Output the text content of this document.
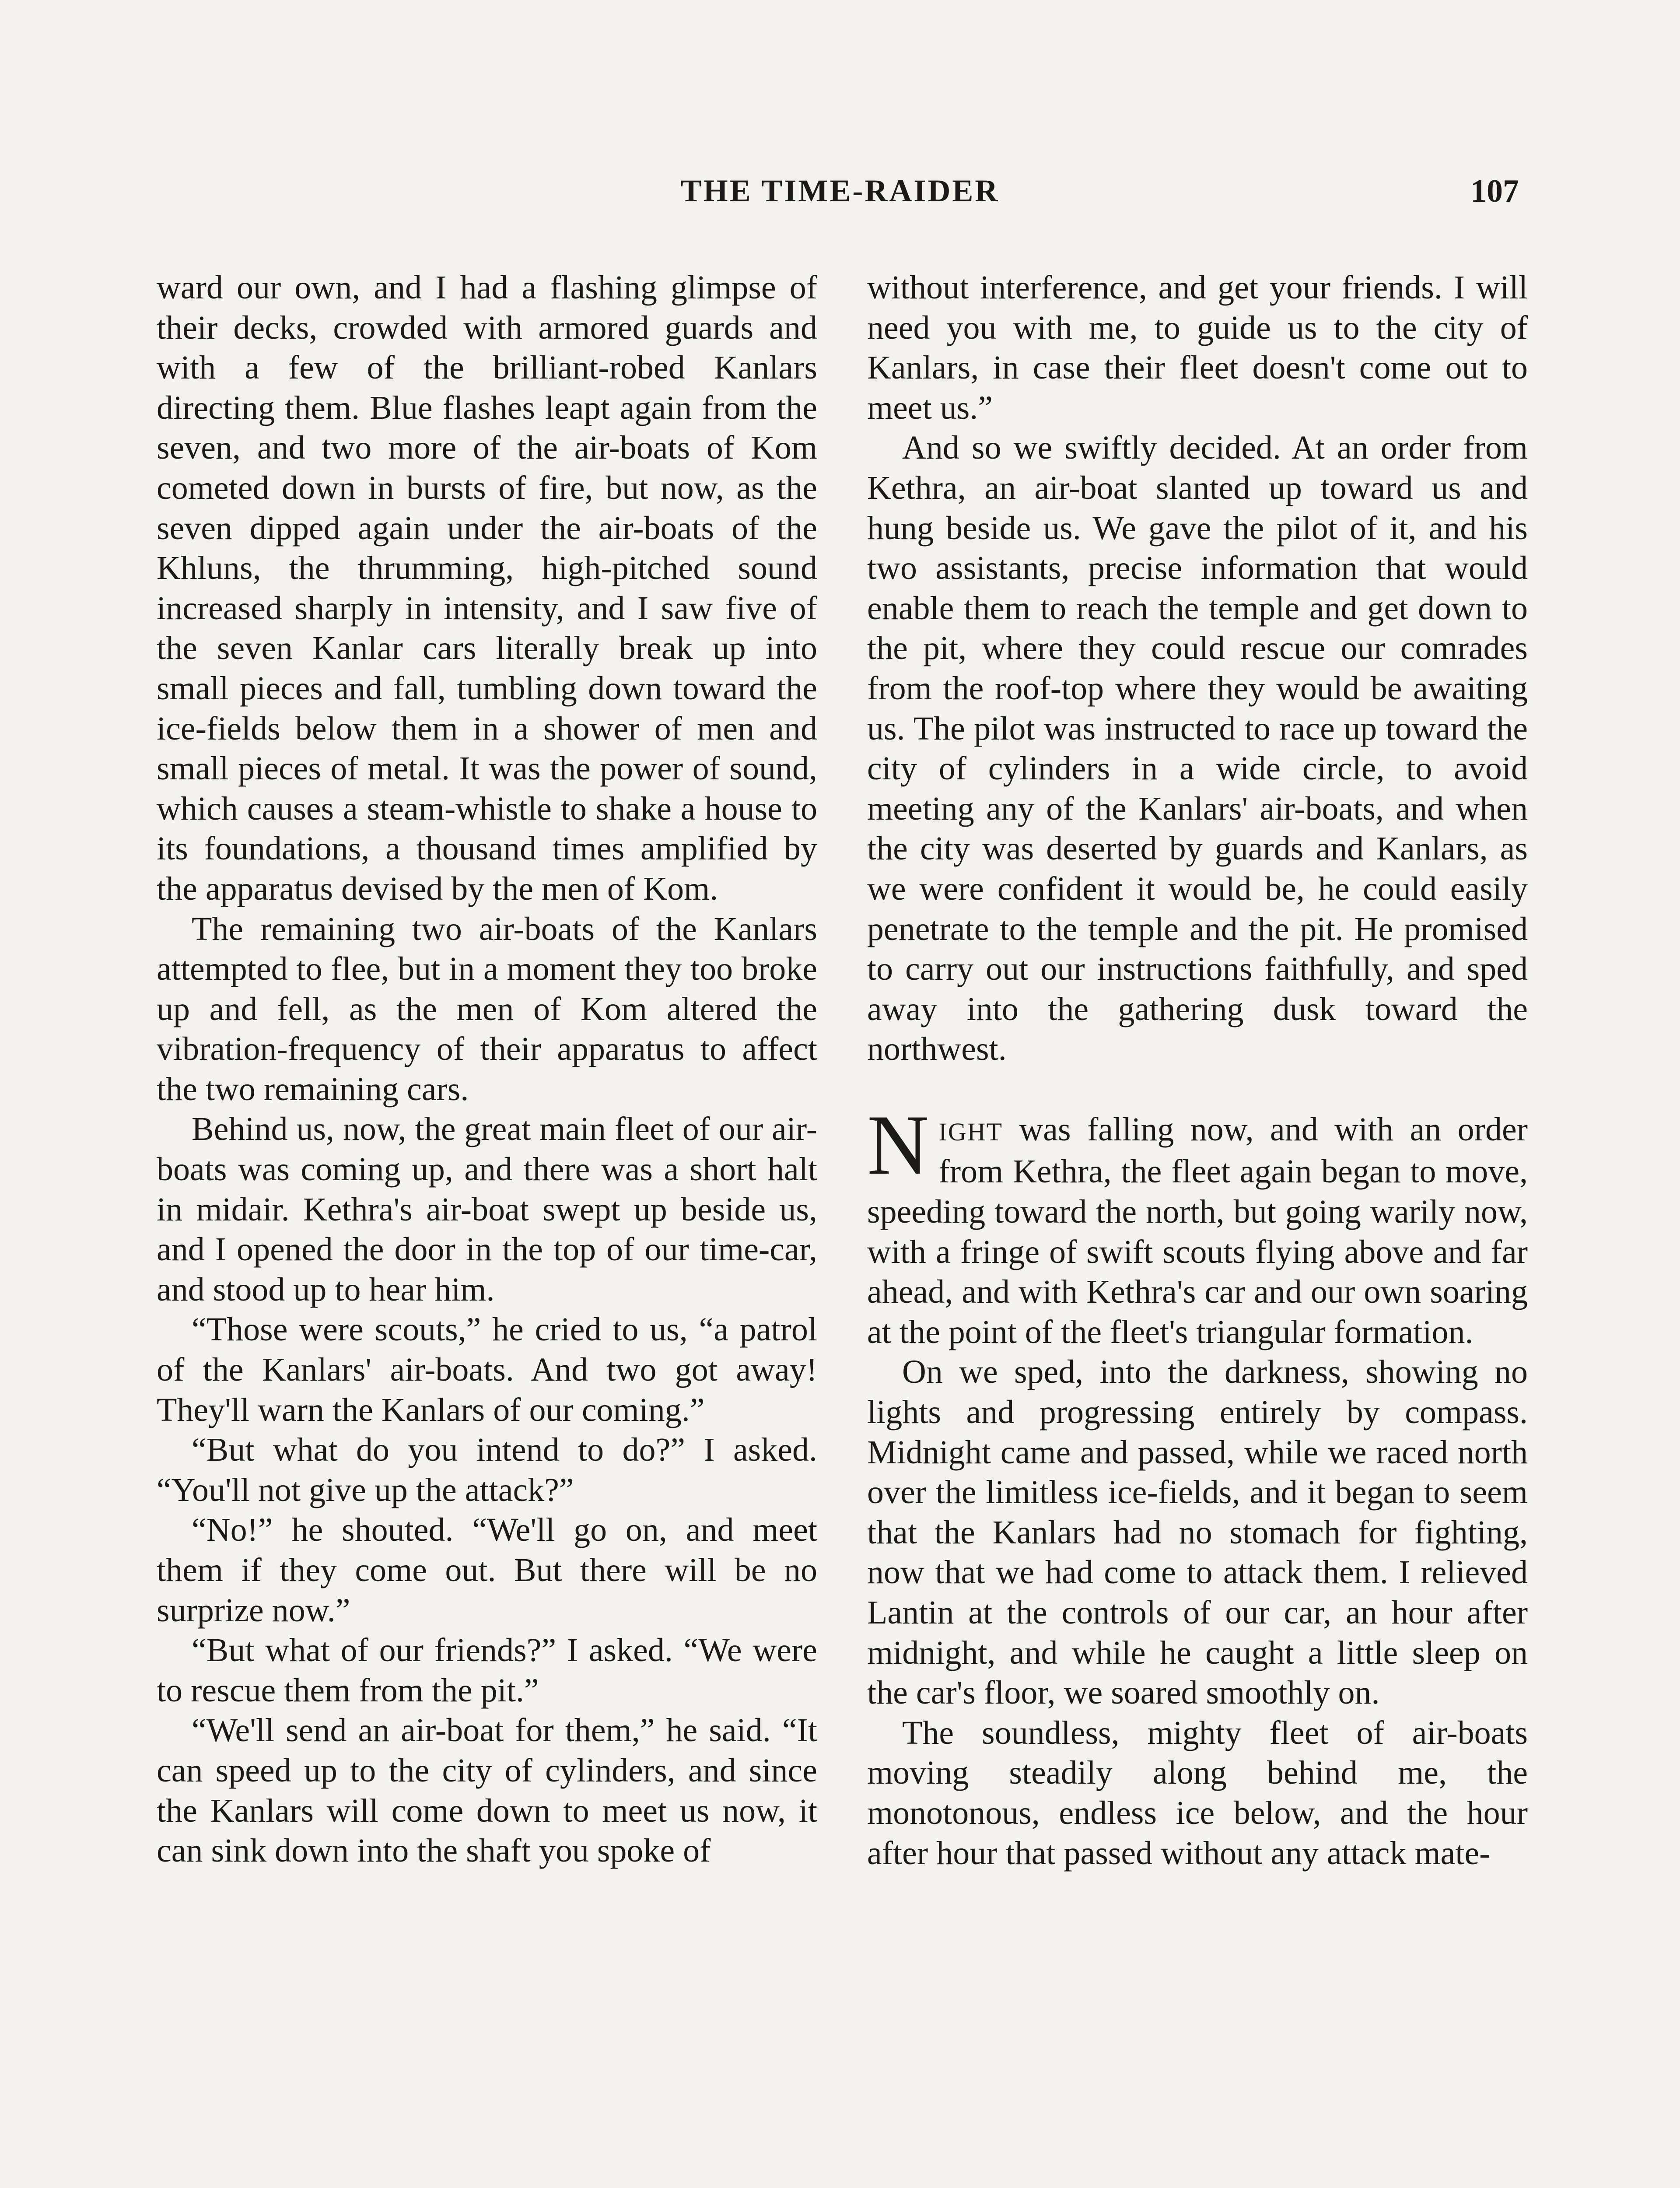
THE TIME-RAIDER	107

ward our own, and I had a flashing glimpse of their decks, crowded with armored guards and with a few of the brilliant-robed Kanlars directing them. Blue flashes leapt again from the seven, and two more of the air-boats of Kom cometed down in bursts of fire, but now, as the seven dipped again under the air-boats of the Khluns, the thrumming, high-pitched sound increased sharply in intensity, and I saw five of the seven Kanlar cars literally break up into small pieces and fall, tumbling down toward the ice-fields below them in a shower of men and small pieces of metal. It was the power of sound, which causes a steam-whistle to shake a house to its foundations, a thousand times amplified by the apparatus devised by the men of Kom.

The remaining two air-boats of the Kanlars attempted to flee, but in a moment they too broke up and fell, as the men of Kom altered the vibration-frequency of their apparatus to affect the two remaining cars.

Behind us, now, the great main fleet of our air-boats was coming up, and there was a short halt in midair. Kethra's air-boat swept up beside us, and I opened the door in the top of our time-car, and stood up to hear him.

“Those were scouts,” he cried to us, “a patrol of the Kanlars' air-boats. And two got away! They'll warn the Kanlars of our coming.”

“But what do you intend to do?” I asked. “You'll not give up the attack?”

“No!” he shouted. “We'll go on, and meet them if they come out. But there will be no surprize now.”

“But what of our friends?” I asked. “We were to rescue them from the pit.”

“We'll send an air-boat for them,” he said. “It can speed up to the city of cylinders, and since the Kanlars will come down to meet us now, it can sink down into the shaft you spoke of

without interference, and get your friends. I will need you with me, to guide us to the city of Kanlars, in case their fleet doesn't come out to meet us.”

And so we swiftly decided. At an order from Kethra, an air-boat slanted up toward us and hung beside us. We gave the pilot of it, and his two assistants, precise information that would enable them to reach the temple and get down to the pit, where they could rescue our comrades from the roof-top where they would be awaiting us. The pilot was instructed to race up toward the city of cylinders in a wide circle, to avoid meeting any of the Kanlars' air-boats, and when the city was deserted by guards and Kanlars, as we were confident it would be, he could easily penetrate to the temple and the pit. He promised to carry out our instructions faithfully, and sped away into the gathering dusk toward the northwest.

NIGHT was falling now, and with an order from Kethra, the fleet again began to move, speeding toward the north, but going warily now, with a fringe of swift scouts flying above and far ahead, and with Kethra's car and our own soaring at the point of the fleet's triangular formation.

On we sped, into the darkness, showing no lights and progressing entirely by compass. Midnight came and passed, while we raced north over the limitless ice-fields, and it began to seem that the Kanlars had no stomach for fighting, now that we had come to attack them. I relieved Lantin at the controls of our car, an hour after midnight, and while he caught a little sleep on the car's floor, we soared smoothly on.

The soundless, mighty fleet of air-boats moving steadily along behind me, the monotonous, endless ice below, and the hour after hour that passed without any attack mate-
